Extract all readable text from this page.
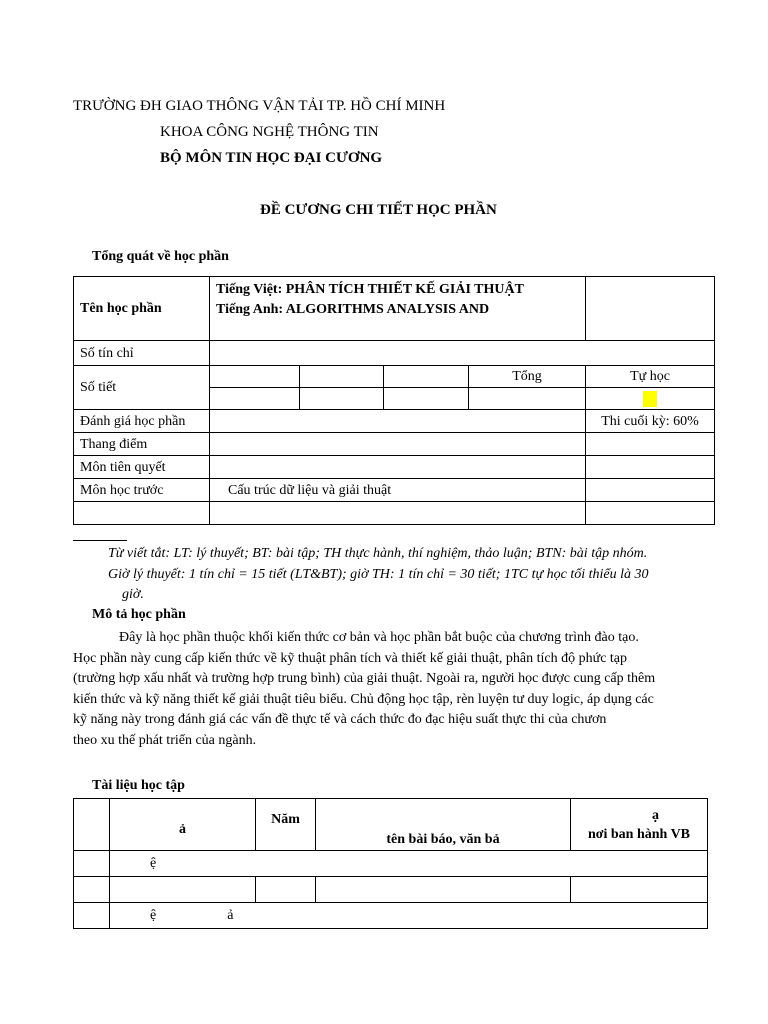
TRƯỜNG ĐH GIAO THÔNG VẬN TẢI TP. HỒ CHÍ MINH
KHOA CÔNG NGHỆ THÔNG TIN
BỘ MÔN TIN HỌC ĐẠI CƯƠNG
ĐỀ CƯƠNG CHI TIẾT HỌC PHẦN
Tổng quát về học phần
Tên học phần	Tiếng Việt: PHÂN TÍCH THIẾT KẾ GIẢI THUẬT
Tiếng Anh: ALGORITHMS ANALYSIS AND				

Số tín chỉ					
Số tiết				Tổng	Tự học

Đánh giá học phần					Thi cuối kỳ: 60%
Thang điểm					
Môn tiên quyết					
Môn học trước	Cấu trúc dữ liệu và giải thuật				

Từ viết tắt: LT: lý thuyết; BT: bài tập; TH thực hành, thí nghiệm, thảo luận; BTN: bài tập nhóm.
Giờ lý thuyết: 1 tín chỉ = 15 tiết (LT&BT); giờ TH: 1 tín chỉ = 30 tiết; 1TC tự học tối thiểu là 30
giờ.
Mô tả học phần
Đây là học phần thuộc khối kiến thức cơ bản và học phần bắt buộc của chương trình đào tạo.
Học phần này cung cấp kiến thức về kỹ thuật phân tích và thiết kế giải thuật, phân tích độ phức tạp
(trường hợp xấu nhất và trường hợp trung bình) của giải thuật. Ngoài ra, người học được cung cấp thêm
kiến thức và kỹ năng thiết kế giải thuật tiêu biểu. Chủ động học tập, rèn luyện tư duy logic, áp dụng các
kỹ năng này trong đánh giá các vấn đề thực tế và cách thức đo đạc hiệu suất thực thi của chươn
theo xu thế phát triển của ngành.
Tài liệu học tập
	ả	Năm	tên bài báo, văn bả	ạ
nơi ban hành VB

	ệ			

	ệ ả			
